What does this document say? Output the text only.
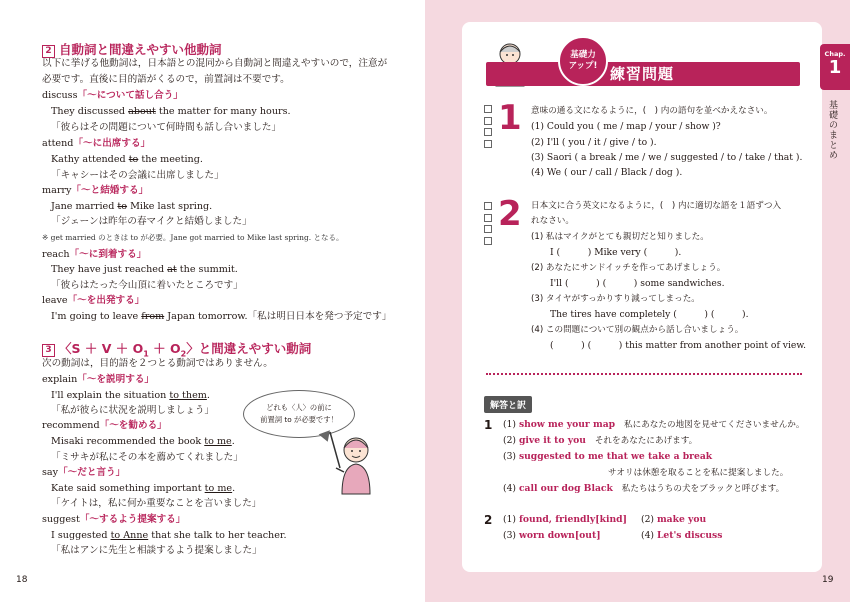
2 自動詞と間違えやすい他動詞
以下に挙げる他動詞は，日本語との混同から自動詞と間違えやすいので，注意が
必要です。直後に目的語がくるので，前置詞は不要です。
discuss「～について話し合う」
They discussed about the matter for many hours.
「彼らはその問題について何時間も話し合いました」
attend「～に出席する」
Kathy attended to the meeting.
「キャシーはその会議に出席しました」
marry「～と結婚する」
Jane married to Mike last spring.
「ジェーンは昨年の春マイクと結婚しました」
※ get married のときは to が必要。Jane got married to Mike last spring. となる。
reach「～に到着する」
They have just reached at the summit.
「彼らはたった今山頂に着いたところです」
leave「～を出発する」
I'm going to leave from Japan tomorrow.「私は明日日本を発つ予定です」
3 〈$S + V + O_1 + O_2$〉と間違えやすい動詞
次の動詞は，目的語を２つとる動詞ではありません。
explain「～を説明する」
I'll explain the situation to them.
「私が彼らに状況を説明しましょう」
recommend「～を勧める」
Misaki recommended the book to me.
「ミサキが私にその本を薦めてくれました」
say「～だと言う」
Kate said something important to me.
「ケイトは，私に何か重要なことを言いました」
suggest「～するよう提案する」
I suggested to Anne that she talk to her teacher.
「私はアンに先生と相談するよう提案しました」
どれも〈人〉の前に
前置詞 to が必要です！
18
Chap.
1
基礎のまとめ
基礎力
アップ! 練習問題
1 意味の通る文になるように，(　) 内の語句を並べかえなさい。
(1) Could you ( me / map / your / show )?
(2) I'll ( you / it / give / to ).
(3) Saori ( a break / me / we / suggested / to / take / that ).
(4) We ( our / call / Black / dog ).
2 日本文に合う英文になるように，(　) 内に適切な語を１語ずつ入
れなさい。
(1) 私はマイクがとても親切だと知りました。
I (　　　) Mike very (　　　).
(2) あなたにサンドイッチを作ってあげましょう。
I'll (　　　) (　　　) some sandwiches.
(3) タイヤがすっかりすり減ってしまった。
The tires have completely (　　　) (　　　).
(4) この問題について別の観点から話し合いましょう。
(　　　) (　　　) this matter from another point of view.
解答と訳
1 (1) show me your map 私にあなたの地図を見せてくださいませんか。
(2) give it to you それをあなたにあげます。
(3) suggested to me that we take a break
サオリは休憩を取ることを私に提案しました。
(4) call our dog Black 私たちはうちの犬をブラックと呼びます。
2 (1) found, friendly[kind] (2) make you
(3) worn down[out]	(4) Let's discuss
19
